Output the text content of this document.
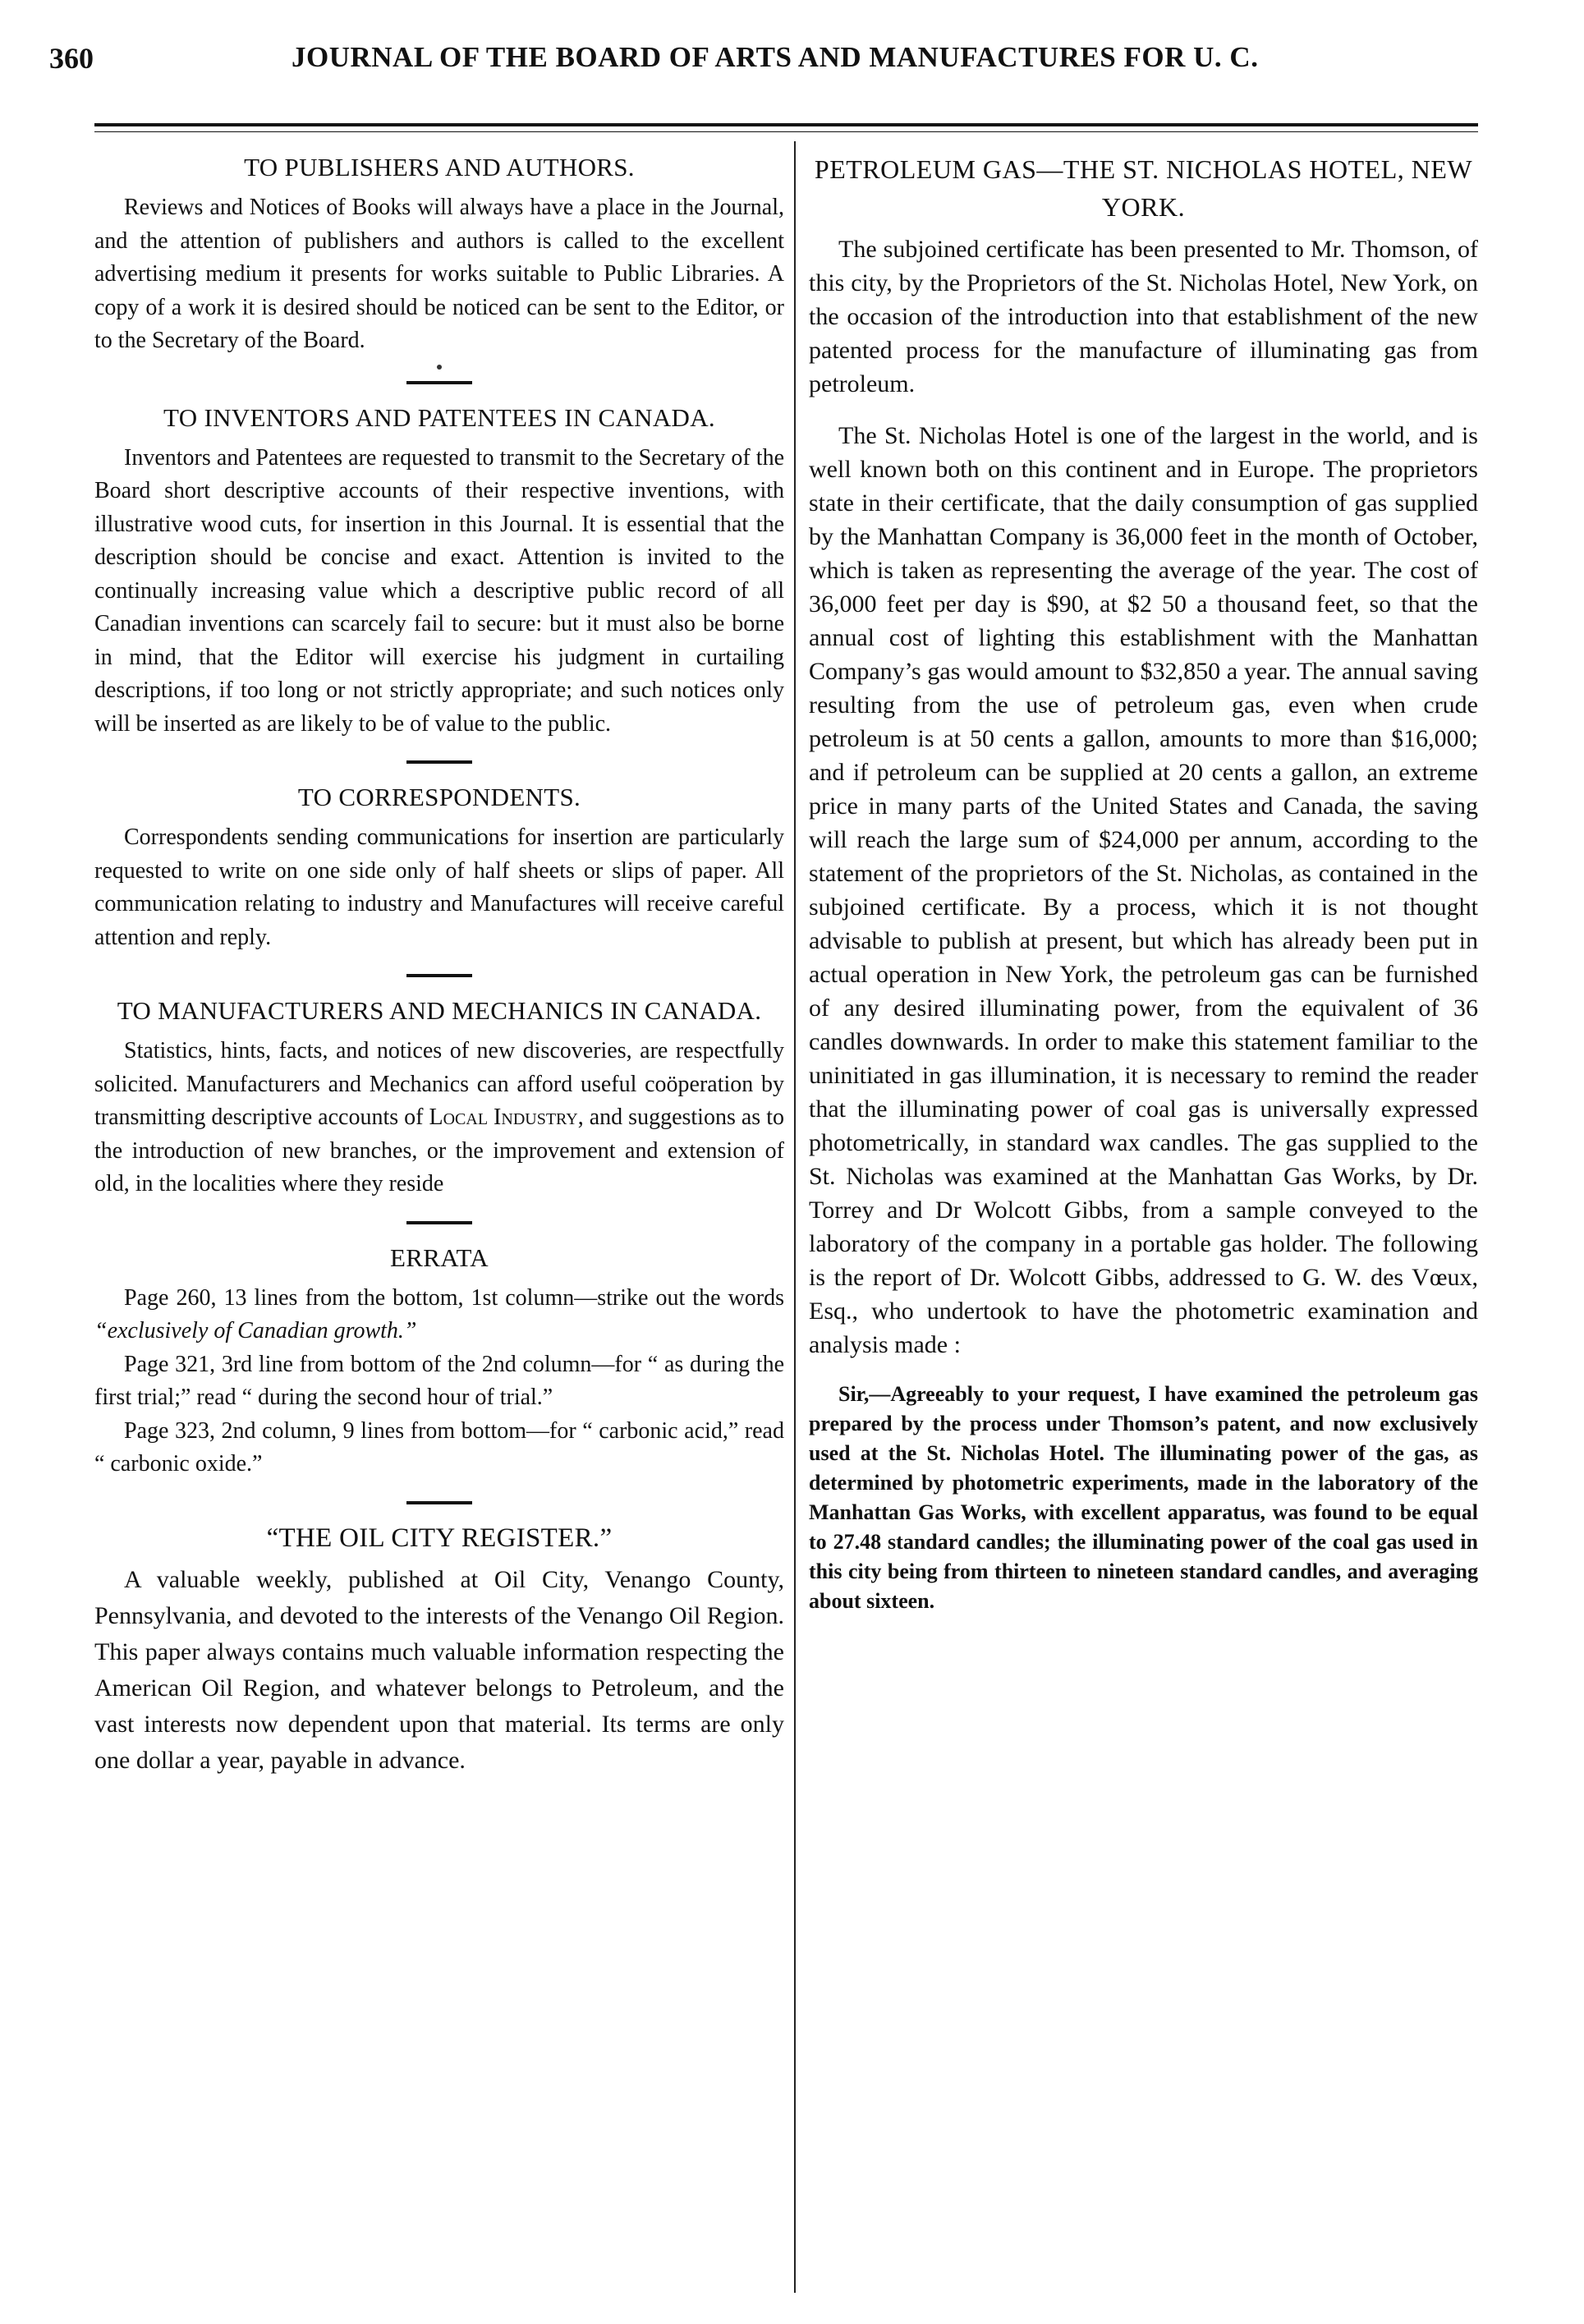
360	JOURNAL OF THE BOARD OF ARTS AND MANUFACTURES FOR U. C.
TO PUBLISHERS AND AUTHORS.

Reviews and Notices of Books will always have a place in the Journal, and the attention of publishers and authors is called to the excellent advertising medium it presents for works suitable to Public Libraries. A copy of a work it is desired should be noticed can be sent to the Editor, or to the Secretary of the Board.

TO INVENTORS AND PATENTEES IN CANADA.

Inventors and Patentees are requested to transmit to the Secretary of the Board short descriptive accounts of their respective inventions, with illustrative wood cuts, for insertion in this Journal. It is essential that the description should be concise and exact. Attention is invited to the continually increasing value which a descriptive public record of all Canadian inventions can scarcely fail to secure: but it must also be borne in mind, that the Editor will exercise his judgment in curtailing descriptions, if too long or not strictly appropriate; and such notices only will be inserted as are likely to be of value to the public.

TO CORRESPONDENTS.

Correspondents sending communications for insertion are particularly requested to write on one side only of half sheets or slips of paper. All communication relating to industry and Manufactures will receive careful attention and reply.

TO MANUFACTURERS AND MECHANICS IN CANADA.

Statistics, hints, facts, and notices of new discoveries, are respectfully solicited. Manufacturers and Mechanics can afford useful coöperation by transmitting descriptive accounts of Local Industry, and suggestions as to the introduction of new branches, or the improvement and extension of old, in the localities where they reside

ERRATA

Page 260, 13 lines from the bottom, 1st column—strike out the words “exclusively of Canadian growth.”

Page 321, 3rd line from bottom of the 2nd column—for “ as during the first trial;” read “ during the second hour of trial.”

Page 323, 2nd column, 9 lines from bottom—for “ carbonic acid,” read “ carbonic oxide.”

“THE OIL CITY REGISTER.”

A valuable weekly, published at Oil City, Venango County, Pennsylvania, and devoted to the interests of the Venango Oil Region. This paper always contains much valuable information respecting the American Oil Region, and whatever belongs to Petroleum, and the vast interests now dependent upon that material. Its terms are only one dollar a year, payable in advance.

PETROLEUM GAS—THE ST. NICHOLAS HOTEL, NEW YORK.

The subjoined certificate has been presented to Mr. Thomson, of this city, by the Proprietors of the St. Nicholas Hotel, New York, on the occasion of the introduction into that establishment of the new patented process for the manufacture of illuminating gas from petroleum.

The St. Nicholas Hotel is one of the largest in the world, and is well known both on this continent and in Europe. The proprietors state in their certificate, that the daily consumption of gas supplied by the Manhattan Company is 36,000 feet in the month of October, which is taken as representing the average of the year. The cost of 36,000 feet per day is $90, at $2 50 a thousand feet, so that the annual cost of lighting this establishment with the Manhattan Company’s gas would amount to $32,850 a year. The annual saving resulting from the use of petroleum gas, even when crude petroleum is at 50 cents a gallon, amounts to more than $16,000; and if petroleum can be supplied at 20 cents a gallon, an extreme price in many parts of the United States and Canada, the saving will reach the large sum of $24,000 per annum, according to the statement of the proprietors of the St. Nicholas, as contained in the subjoined certificate. By a process, which it is not thought advisable to publish at present, but which has already been put in actual operation in New York, the petroleum gas can be furnished of any desired illuminating power, from the equivalent of 36 candles downwards. In order to make this statement familiar to the uninitiated in gas illumination, it is necessary to remind the reader that the illuminating power of coal gas is universally expressed photometrically, in standard wax candles. The gas supplied to the St. Nicholas was examined at the Manhattan Gas Works, by Dr. Torrey and Dr Wolcott Gibbs, from a sample conveyed to the laboratory of the company in a portable gas holder. The following is the report of Dr. Wolcott Gibbs, addressed to G. W. des Vœux, Esq., who undertook to have the photometric examination and analysis made :

Sir,—Agreeably to your request, I have examined the petroleum gas prepared by the process under Thomson’s patent, and now exclusively used at the St. Nicholas Hotel. The illuminating power of the gas, as determined by photometric experiments, made in the laboratory of the Manhattan Gas Works, with excellent apparatus, was found to be equal to 27.48 standard candles; the illuminating power of the coal gas used in this city being from thirteen to nineteen standard candles, and averaging about sixteen.
